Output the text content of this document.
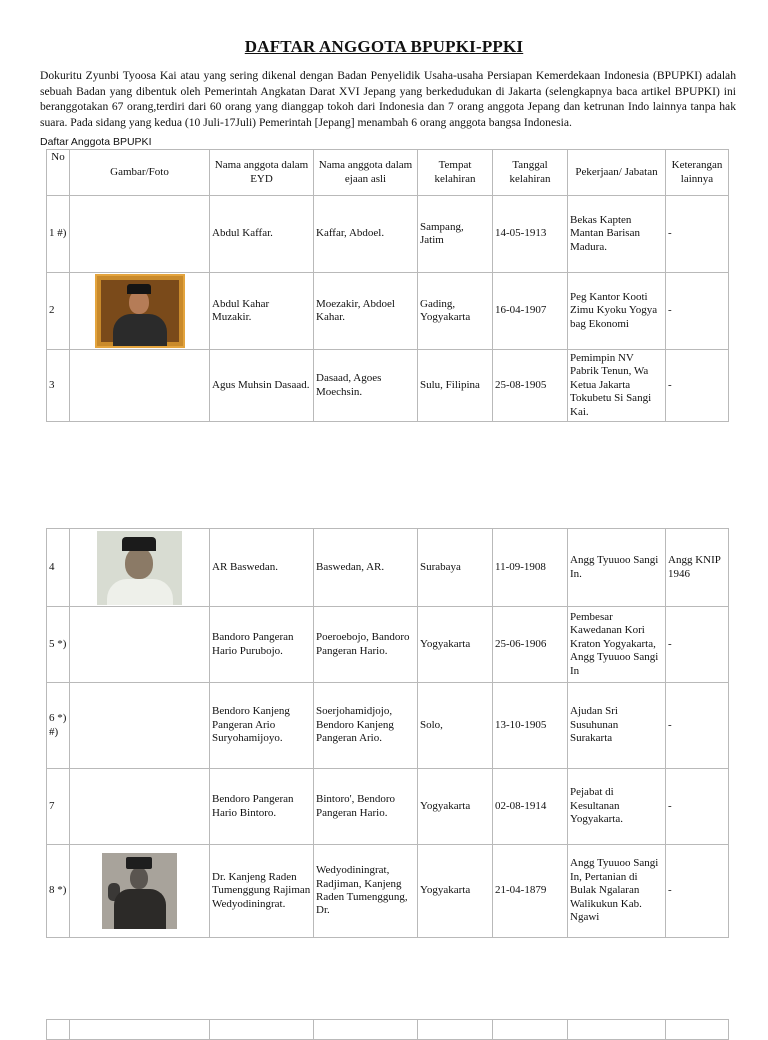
DAFTAR ANGGOTA BPUPKI-PPKI
Dokuritu Zyunbi Tyoosa Kai atau yang sering dikenal dengan Badan Penyelidik Usaha-usaha Persiapan Kemerdekaan Indonesia (BPUPKI) adalah sebuah Badan yang dibentuk oleh Pemerintah Angkatan Darat XVI Jepang yang berkedudukan di Jakarta (selengkapnya baca artikel BPUPKI) ini beranggotakan 67 orang,terdiri dari 60 orang yang dianggap tokoh dari Indonesia dan 7 orang anggota Jepang dan ketrunan Indo lainnya tanpa hak suara. Pada sidang yang kedua (10 Juli-17Juli) Pemerintah [Jepang] menambah 6 orang anggota bangsa Indonesia.
Daftar Anggota BPUPKI
No	Gambar/Foto	Nama anggota dalam EYD	Nama anggota dalam ejaan asli	Tempat kelahiran	Tanggal kelahiran	Pekerjaan/ Jabatan	Keterangan lainnya
1 #)		Abdul Kaffar.	Kaffar, Abdoel.	Sampang, Jatim	14-05-1913	Bekas Kapten Mantan Barisan Madura.	-
2		Abdul Kahar Muzakir.	Moezakir, Abdoel Kahar.	Gading, Yogyakarta	16-04-1907	Peg Kantor Kooti Zimu Kyoku Yogya bag Ekonomi	-
3		Agus Muhsin Dasaad.	Dasaad, Agoes Moechsin.	Sulu, Filipina	25-08-1905	Pemimpin NV Pabrik Tenun, Wa Ketua Jakarta Tokubetu Si Sangi Kai.	-
4		AR Baswedan.	Baswedan, AR.	Surabaya	11-09-1908	Angg Tyuuoo Sangi In.	Angg KNIP 1946
5 *)		Bandoro Pangeran Hario Purubojo.	Poeroebojo, Bandoro Pangeran Hario.	Yogyakarta	25-06-1906	Pembesar Kawedanan Kori Kraton Yogyakarta, Angg Tyuuoo Sangi In	-
6 *) #)		Bendoro Kanjeng Pangeran Ario Suryohamijoyo.	Soerjohamidjojo, Bendoro Kanjeng Pangeran Ario.	Solo,	13-10-1905	Ajudan Sri Susuhunan Surakarta	-
7		Bendoro Pangeran Hario Bintoro.	Bintoro', Bendoro Pangeran Hario.	Yogyakarta	02-08-1914	Pejabat di Kesultanan Yogyakarta.	-
8 *)		Dr. Kanjeng Raden Tumenggung Rajiman Wedyodiningrat.	Wedyodiningrat, Radjiman, Kanjeng Raden Tumenggung, Dr.	Yogyakarta	21-04-1879	Angg Tyuuoo Sangi In, Pertanian di Bulak Ngalaran Walikukun Kab. Ngawi	-
